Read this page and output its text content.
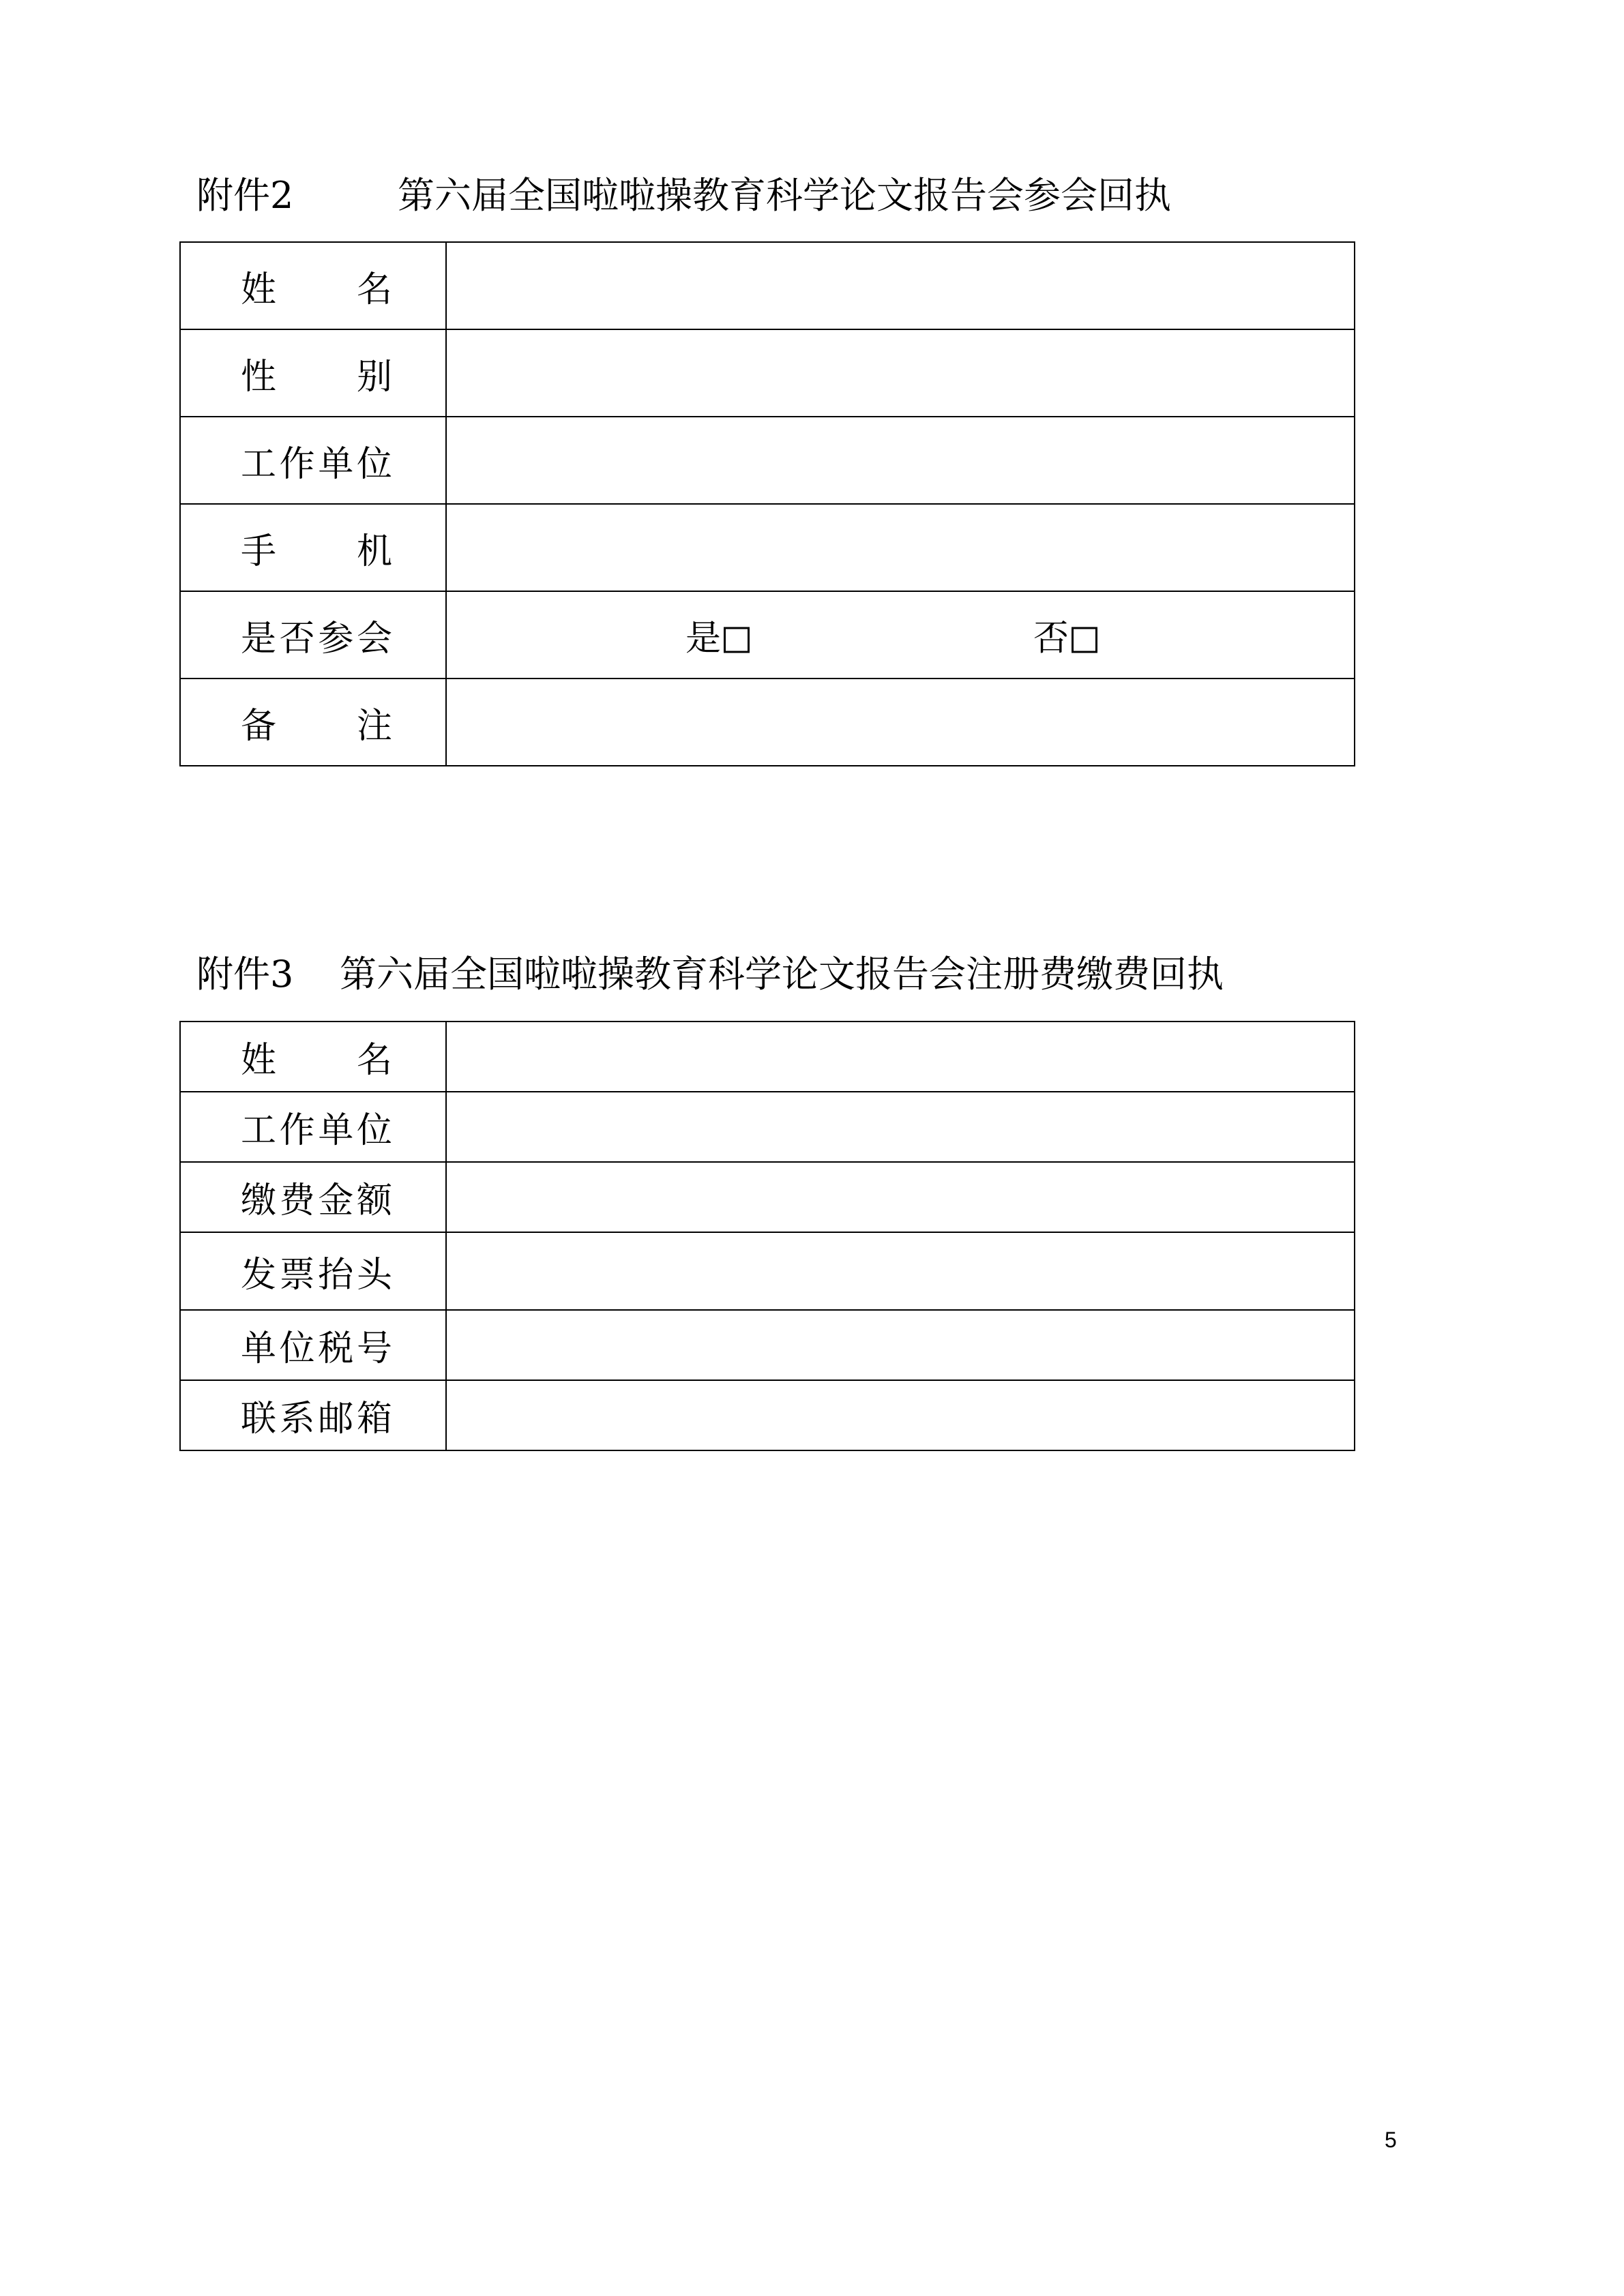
附件2	第六届全国啦啦操教育科学论文报告会参会回执
姓名	
性别	
工作单位	
手机	
是否参会	是 否

备注	
附件3 第六届全国啦啦操教育科学论文报告会注册费缴费回执
姓名	
工作单位	
缴费金额	
发票抬头	
单位税号	
联系邮箱	
5
